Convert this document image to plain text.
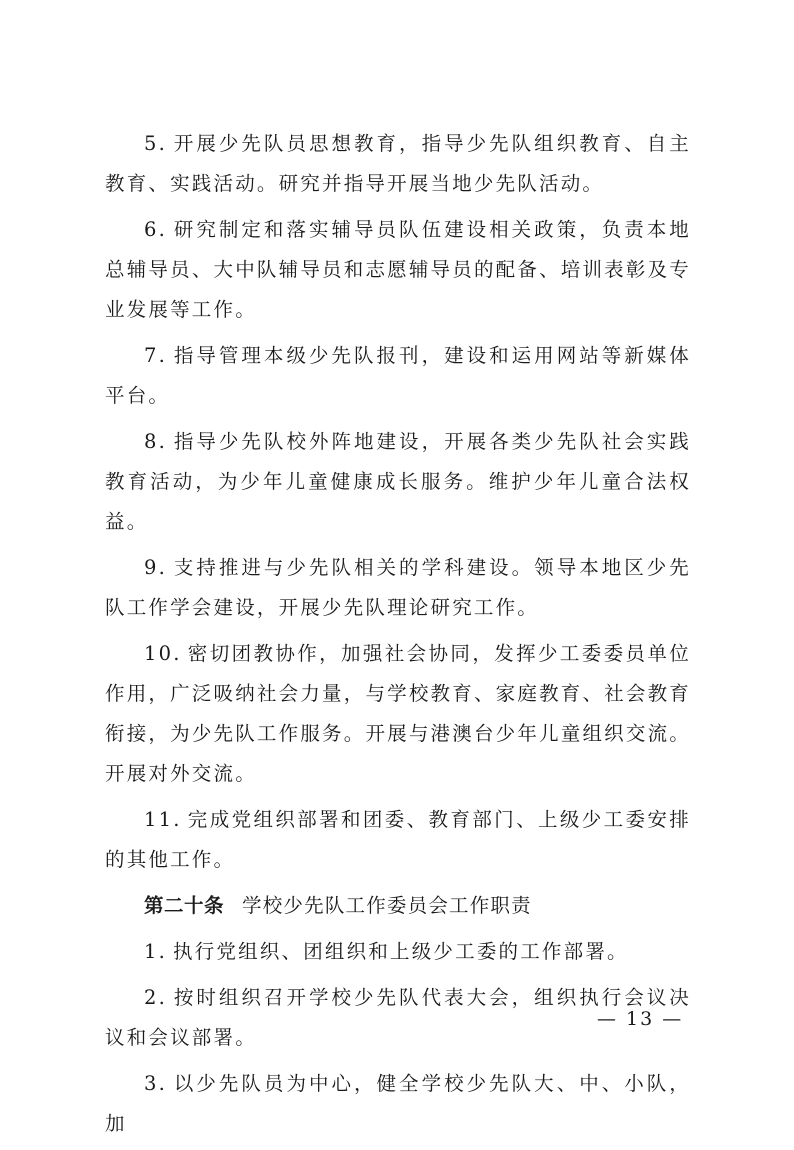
5. 开展少先队员思想教育，指导少先队组织教育、自主教育、实践活动。研究并指导开展当地少先队活动。

6. 研究制定和落实辅导员队伍建设相关政策，负责本地总辅导员、大中队辅导员和志愿辅导员的配备、培训表彰及专业发展等工作。

7. 指导管理本级少先队报刊，建设和运用网站等新媒体平台。

8. 指导少先队校外阵地建设，开展各类少先队社会实践教育活动，为少年儿童健康成长服务。维护少年儿童合法权益。

9. 支持推进与少先队相关的学科建设。领导本地区少先队工作学会建设，开展少先队理论研究工作。

10. 密切团教协作，加强社会协同，发挥少工委委员单位作用，广泛吸纳社会力量，与学校教育、家庭教育、社会教育衔接，为少先队工作服务。开展与港澳台少年儿童组织交流。开展对外交流。

11. 完成党组织部署和团委、教育部门、上级少工委安排的其他工作。

第二十条 学校少先队工作委员会工作职责

1. 执行党组织、团组织和上级少工委的工作部署。

2. 按时组织召开学校少先队代表大会，组织执行会议决议和会议部署。

3. 以少先队员为中心，健全学校少先队大、中、小队，加

— 13 —
